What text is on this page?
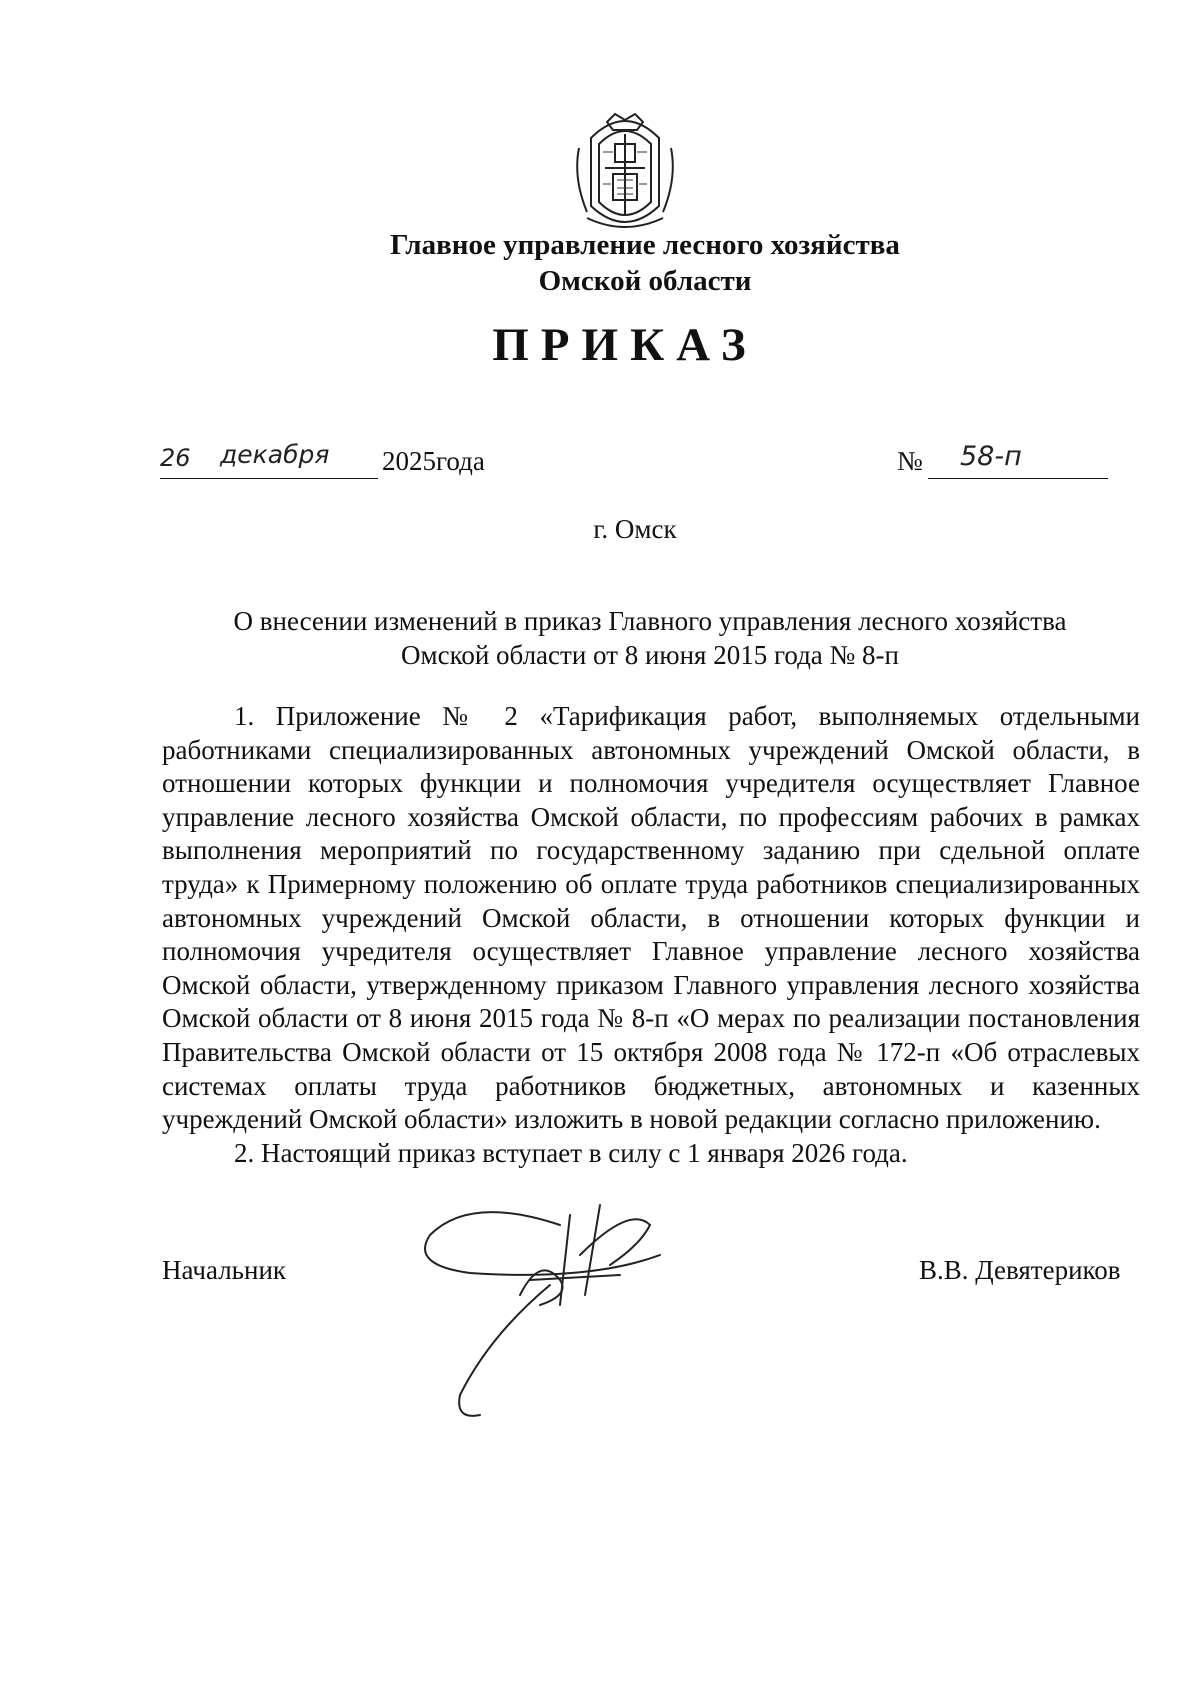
Главное управление лесного хозяйства
Омской области
ПРИКАЗ
26 декабря 2025года	№ 58-п
г. Омск
О внесении изменений в приказ Главного управления лесного хозяйства
Омской области от 8 июня 2015 года № 8-п

1. Приложение № 2 «Тарификация работ, выполняемых отдельными работниками специализированных автономных учреждений Омской области, в отношении которых функции и полномочия учредителя осуществляет Главное управление лесного хозяйства Омской области, по профессиям рабочих в рамках выполнения мероприятий по государственному заданию при сдельной оплате труда» к Примерному положению об оплате труда работников специализированных автономных учреждений Омской области, в отношении которых функции и полномочия учредителя осуществляет Главное управление лесного хозяйства Омской области, утвержденному приказом Главного управления лесного хозяйства Омской области от 8 июня 2015 года № 8-п «О мерах по реализации постановления Правительства Омской области от 15 октября 2008 года № 172-п «Об отраслевых системах оплаты труда работников бюджетных, автономных и казенных учреждений Омской области» изложить в новой редакции согласно приложению.

2. Настоящий приказ вступает в силу с 1 января 2026 года.

Начальник	В.В. Девятериков
